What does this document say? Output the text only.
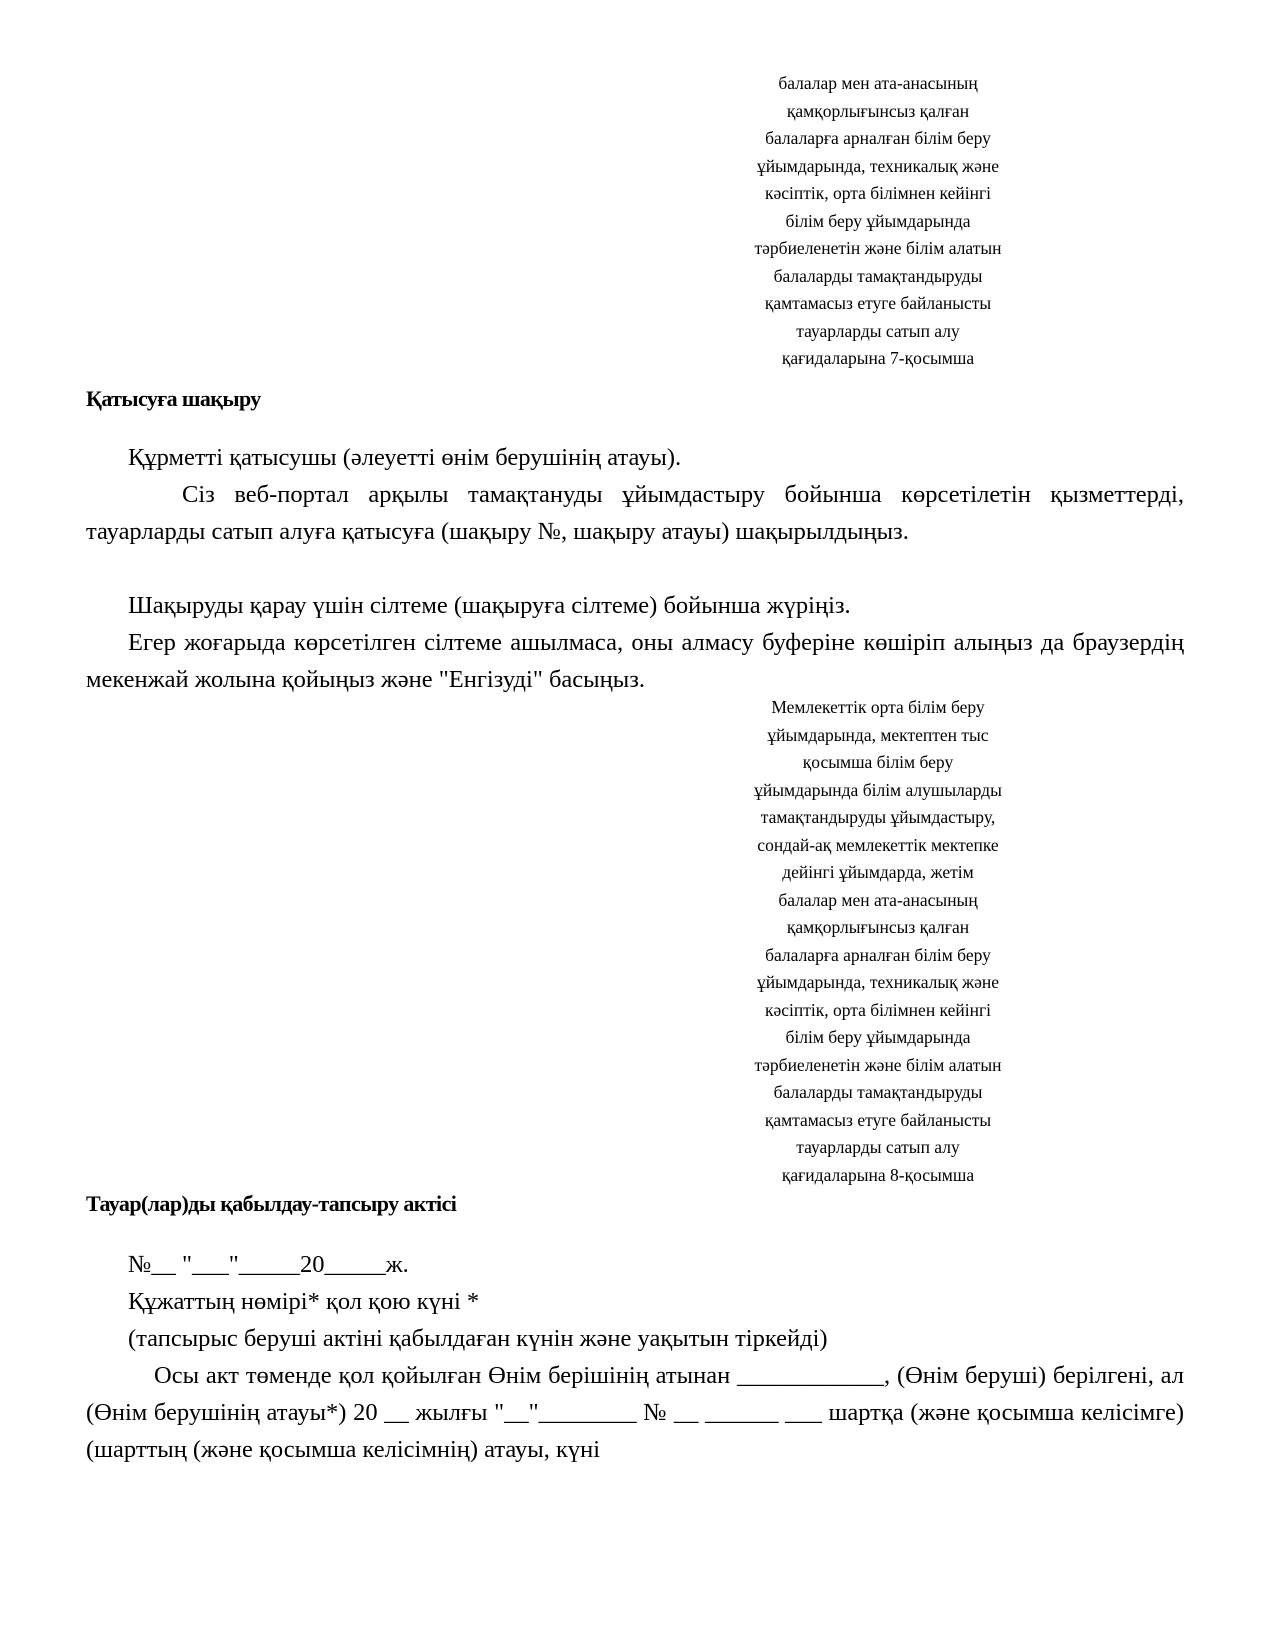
балалар мен ата-анасының
қамқорлығынсыз қалған
балаларға арналған білім беру
ұйымдарында, техникалық және
кәсіптік, орта білімнен кейінгі
білім беру ұйымдарында
тәрбиеленетін және білім алатын
балаларды тамақтандыруды
қамтамасыз етуге байланысты
тауарларды сатып алу
қағидаларына 7-қосымша
Қатысуға шақыру
Құрметті қатысушы (әлеуетті өнім берушінің атауы).
Сіз веб-портал арқылы тамақтануды ұйымдастыру бойынша көрсетілетін қызметтерді, тауарларды сатып алуға қатысуға (шақыру №, шақыру атауы) шақырылдыңыз.
Шақыруды қарау үшін сілтеме (шақыруға сілтеме) бойынша жүріңіз.
Егер жоғарыда көрсетілген сілтеме ашылмаса, оны алмасу буферіне көшіріп алыңыз да браузердің мекенжай жолына қойыңыз және "Енгізуді" басыңыз.
Мемлекеттік орта білім беру
ұйымдарында, мектептен тыс
қосымша білім беру
ұйымдарында білім алушыларды
тамақтандыруды ұйымдастыру,
сондай-ақ мемлекеттік мектепке
дейінгі ұйымдарда, жетім
балалар мен ата-анасының
қамқорлығынсыз қалған
балаларға арналған білім беру
ұйымдарында, техникалық және
кәсіптік, орта білімнен кейінгі
білім беру ұйымдарында
тәрбиеленетін және білім алатын
балаларды тамақтандыруды
қамтамасыз етуге байланысты
тауарларды сатып алу
қағидаларына 8-қосымша
Тауар(лар)ды қабылдау-тапсыру актісі
№__ "___"_____20_____ж.
Құжаттың нөмірі* қол қою күні *
(тапсырыс беруші актіні қабылдаған күнін және уақытын тіркейді)
Осы акт төменде қол қойылған Өнім берішінің атынан ____________, (Өнім беруші) берілгені, ал (Өнім берушінің атауы*) 20 __ жылғы "__"________ № __ ______ ___ шартқа (және қосымша келісімге) (шарттың (және қосымша келісімнің) атауы, күні
